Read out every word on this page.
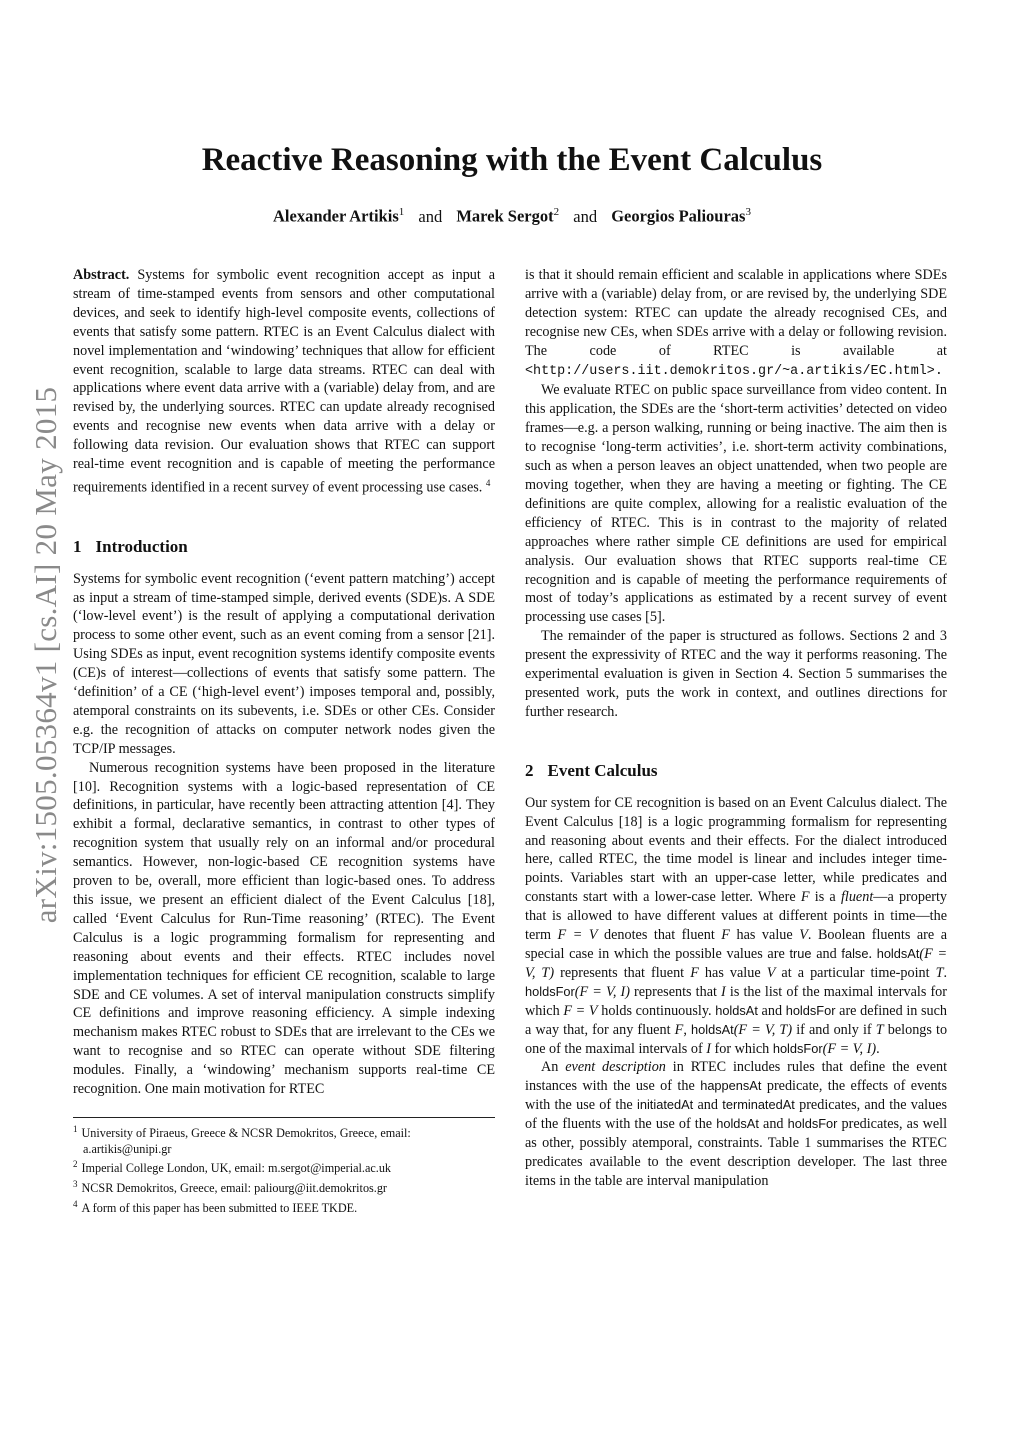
arXiv:1505.05364v1 [cs.AI] 20 May 2015
Reactive Reasoning with the Event Calculus
Alexander Artikis$^1$ and Marek Sergot$^2$ and Georgios Paliouras$^3$

Abstract. Systems for symbolic event recognition accept as input a stream of time-stamped events from sensors and other computational devices, and seek to identify high-level composite events, collections of events that satisfy some pattern. RTEC is an Event Calculus dialect with novel implementation and ‘windowing’ techniques that allow for efficient event recognition, scalable to large data streams. RTEC can deal with applications where event data arrive with a (variable) delay from, and are revised by, the underlying sources. RTEC can update already recognised events and recognise new events when data arrive with a delay or following data revision. Our evaluation shows that RTEC can support real-time event recognition and is capable of meeting the performance requirements identified in a recent survey of event processing use cases. $^4$

1 Introduction

Systems for symbolic event recognition (‘event pattern matching’) accept as input a stream of time-stamped simple, derived events (SDE)s. A SDE (‘low-level event’) is the result of applying a computational derivation process to some other event, such as an event coming from a sensor [21]. Using SDEs as input, event recognition systems identify composite events (CE)s of interest—collections of events that satisfy some pattern. The ‘definition’ of a CE (‘high-level event’) imposes temporal and, possibly, atemporal constraints on its subevents, i.e. SDEs or other CEs. Consider e.g. the recognition of attacks on computer network nodes given the TCP/IP messages.

Numerous recognition systems have been proposed in the literature [10]. Recognition systems with a logic-based representation of CE definitions, in particular, have recently been attracting attention [4]. They exhibit a formal, declarative semantics, in contrast to other types of recognition system that usually rely on an informal and/or procedural semantics. However, non-logic-based CE recognition systems have proven to be, overall, more efficient than logic-based ones. To address this issue, we present an efficient dialect of the Event Calculus [18], called ‘Event Calculus for Run-Time reasoning’ (RTEC). The Event Calculus is a logic programming formalism for representing and reasoning about events and their effects. RTEC includes novel implementation techniques for efficient CE recognition, scalable to large SDE and CE volumes. A set of interval manipulation constructs simplify CE definitions and improve reasoning efficiency. A simple indexing mechanism makes RTEC robust to SDEs that are irrelevant to the CEs we want to recognise and so RTEC can operate without SDE filtering modules. Finally, a ‘windowing’ mechanism supports real-time CE recognition. One main motivation for RTEC

is that it should remain efficient and scalable in applications where SDEs arrive with a (variable) delay from, or are revised by, the underlying SDE detection system: RTEC can update the already recognised CEs, and recognise new CEs, when SDEs arrive with a delay or following revision. The code of RTEC is available at <http://users.iit.demokritos.gr/~a.artikis/EC.html>.

We evaluate RTEC on public space surveillance from video content. In this application, the SDEs are the ‘short-term activities’ detected on video frames—e.g. a person walking, running or being inactive. The aim then is to recognise ‘long-term activities’, i.e. short-term activity combinations, such as when a person leaves an object unattended, when two people are moving together, when they are having a meeting or fighting. The CE definitions are quite complex, allowing for a realistic evaluation of the efficiency of RTEC. This is in contrast to the majority of related approaches where rather simple CE definitions are used for empirical analysis. Our evaluation shows that RTEC supports real-time CE recognition and is capable of meeting the performance requirements of most of today’s applications as estimated by a recent survey of event processing use cases [5].

The remainder of the paper is structured as follows. Sections 2 and 3 present the expressivity of RTEC and the way it performs reasoning. The experimental evaluation is given in Section 4. Section 5 summarises the presented work, puts the work in context, and outlines directions for further research.

2 Event Calculus

Our system for CE recognition is based on an Event Calculus dialect. The Event Calculus [18] is a logic programming formalism for representing and reasoning about events and their effects. For the dialect introduced here, called RTEC, the time model is linear and includes integer time-points. Variables start with an upper-case letter, while predicates and constants start with a lower-case letter. Where F is a fluent—a property that is allowed to have different values at different points in time—the term F = V denotes that fluent F has value V. Boolean fluents are a special case in which the possible values are true and false. holdsAt(F = V, T) represents that fluent F has value V at a particular time-point T. holdsFor(F = V, I) represents that I is the list of the maximal intervals for which F = V holds continuously. holdsAt and holdsFor are defined in such a way that, for any fluent F, holdsAt(F = V, T) if and only if T belongs to one of the maximal intervals of I for which holdsFor(F = V, I).

An event description in RTEC includes rules that define the event instances with the use of the happensAt predicate, the effects of events with the use of the initiatedAt and terminatedAt predicates, and the values of the fluents with the use of the holdsAt and holdsFor predicates, as well as other, possibly atemporal, constraints. Table 1 summarises the RTEC predicates available to the event description developer. The last three items in the table are interval manipulation

$^1$ University of Piraeus, Greece & NCSR Demokritos, Greece, email: a.artikis@unipi.gr

$^2$ Imperial College London, UK, email: m.sergot@imperial.ac.uk

$^3$ NCSR Demokritos, Greece, email: paliourg@iit.demokritos.gr

$^4$ A form of this paper has been submitted to IEEE TKDE.
